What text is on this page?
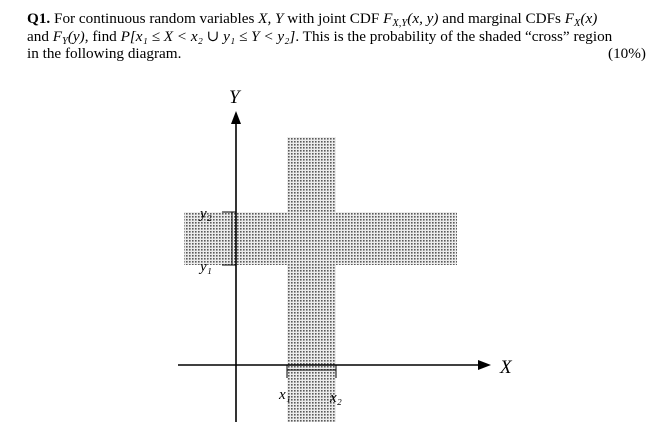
Q1. For continuous random variables X, Y with joint CDF $F_{X,Y}(x$, y) and marginal CDFs $F_X(x)$
and $F_Y(y)$, find P[x₁ ≤ X < x₂ ∪ y₁ ≤ Y < y₂]. This is the probability of the shaded “cross” region
in the following diagram.	(10%)
Y
X
y₂
y₁
x₁	x₂
